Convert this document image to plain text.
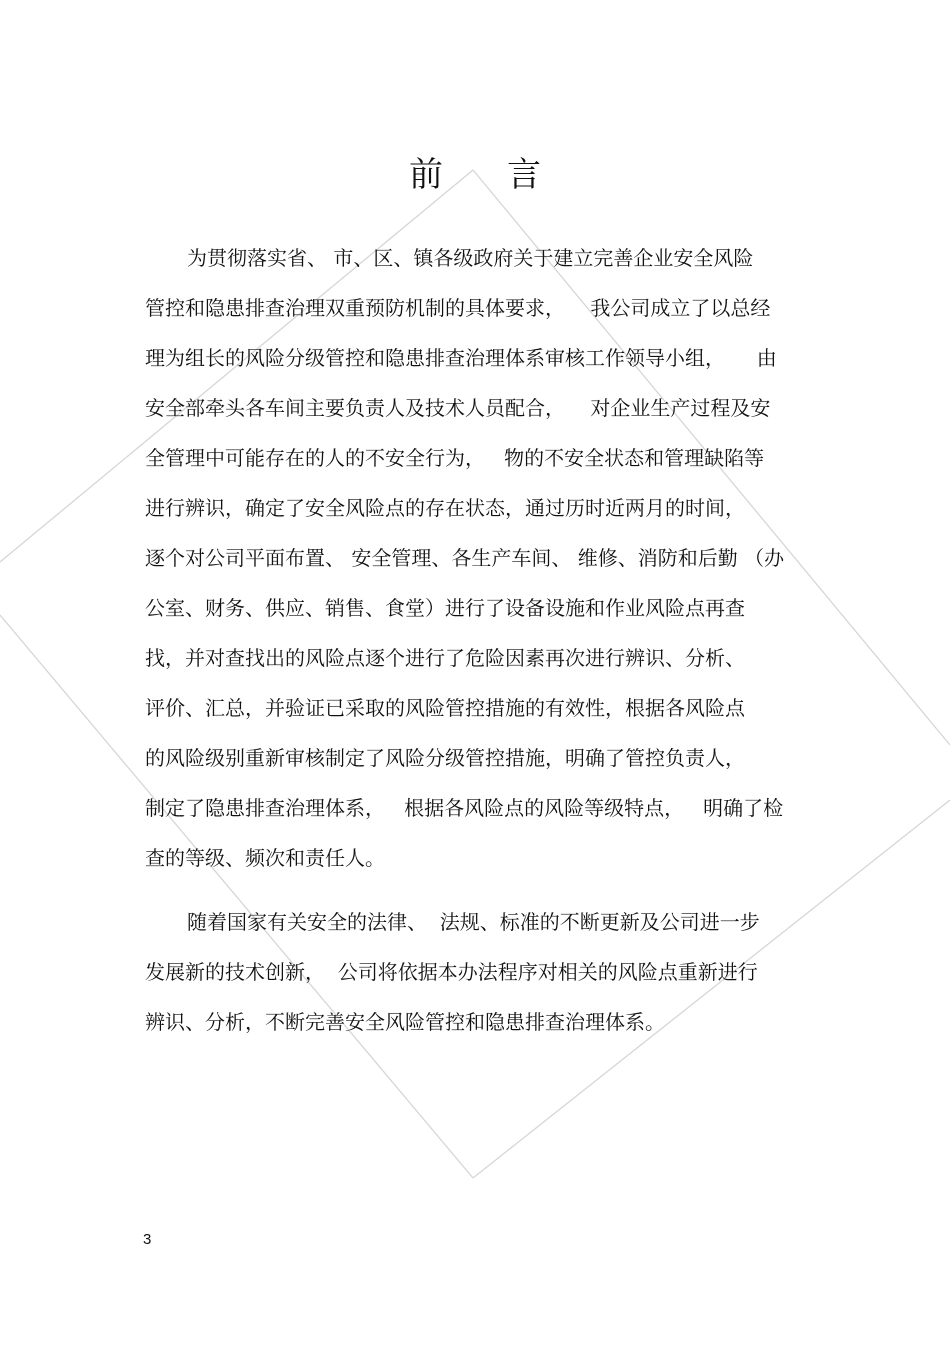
前 言
为贯彻落实省、 市、区、镇各级政府关于建立完善企业安全风险
管控和隐患排查治理双重预防机制的具体要求，    我公司成立了以总经
理为组长的风险分级管控和隐患排查治理体系审核工作领导小组，     由
安全部牵头各车间主要负责人及技术人员配合，    对企业生产过程及安
全管理中可能存在的人的不安全行为，   物的不安全状态和管理缺陷等
进行辨识，确定了安全风险点的存在状态，通过历时近两月的时间，
逐个对公司平面布置、 安全管理、各生产车间、 维修、消防和后勤 （办
公室、财务、供应、销售、食堂）进行了设备设施和作业风险点再查
找，并对查找出的风险点逐个进行了危险因素再次进行辨识、分析、
评价、汇总，并验证已采取的风险管控措施的有效性，根据各风险点
的风险级别重新审核制定了风险分级管控措施，明确了管控负责人，
制定了隐患排查治理体系，   根据各风险点的风险等级特点，   明确了检
查的等级、频次和责任人。
随着国家有关安全的法律、  法规、标准的不断更新及公司进一步
发展新的技术创新，  公司将依据本办法程序对相关的风险点重新进行
辨识、分析，不断完善安全风险管控和隐患排查治理体系。
3
